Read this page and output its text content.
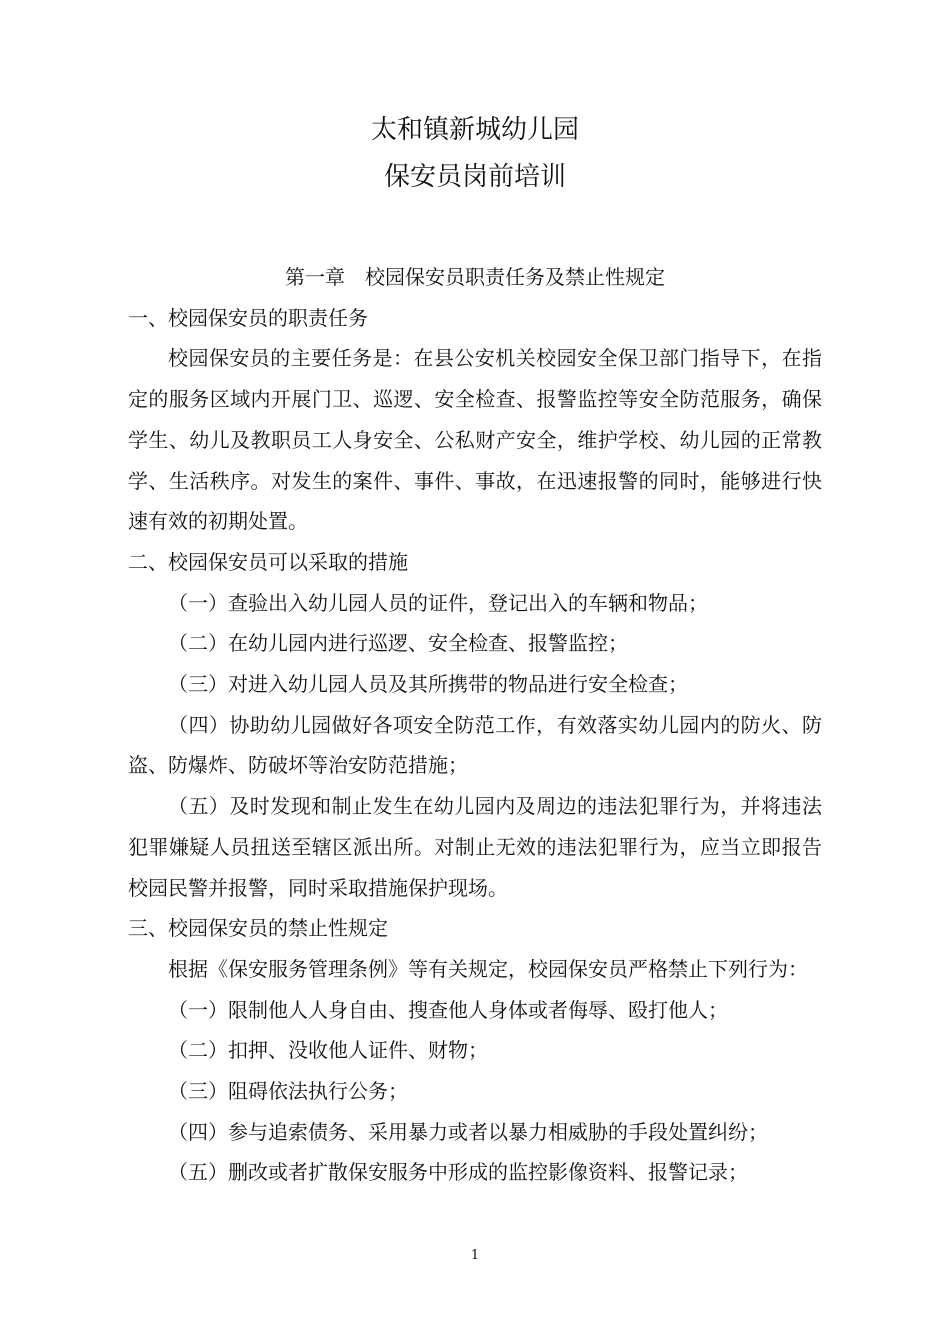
太和镇新城幼儿园
保安员岗前培训

第一章　校园保安员职责任务及禁止性规定

一、校园保安员的职责任务

校园保安员的主要任务是：在县公安机关校园安全保卫部门指导下，在指定的服务区域内开展门卫、巡逻、安全检查、报警监控等安全防范服务，确保学生、幼儿及教职员工人身安全、公私财产安全，维护学校、幼儿园的正常教学、生活秩序。对发生的案件、事件、事故，在迅速报警的同时，能够进行快速有效的初期处置。

二、校园保安员可以采取的措施

（一）查验出入幼儿园人员的证件，登记出入的车辆和物品；

（二）在幼儿园内进行巡逻、安全检查、报警监控；

（三）对进入幼儿园人员及其所携带的物品进行安全检查；

（四）协助幼儿园做好各项安全防范工作，有效落实幼儿园内的防火、防盗、防爆炸、防破坏等治安防范措施；

（五）及时发现和制止发生在幼儿园内及周边的违法犯罪行为，并将违法犯罪嫌疑人员扭送至辖区派出所。对制止无效的违法犯罪行为，应当立即报告校园民警并报警，同时采取措施保护现场。

三、校园保安员的禁止性规定

根据《保安服务管理条例》等有关规定，校园保安员严格禁止下列行为：

（一）限制他人人身自由、搜查他人身体或者侮辱、殴打他人；

（二）扣押、没收他人证件、财物；

（三）阻碍依法执行公务；

（四）参与追索债务、采用暴力或者以暴力相威胁的手段处置纠纷；

（五）删改或者扩散保安服务中形成的监控影像资料、报警记录；

1
